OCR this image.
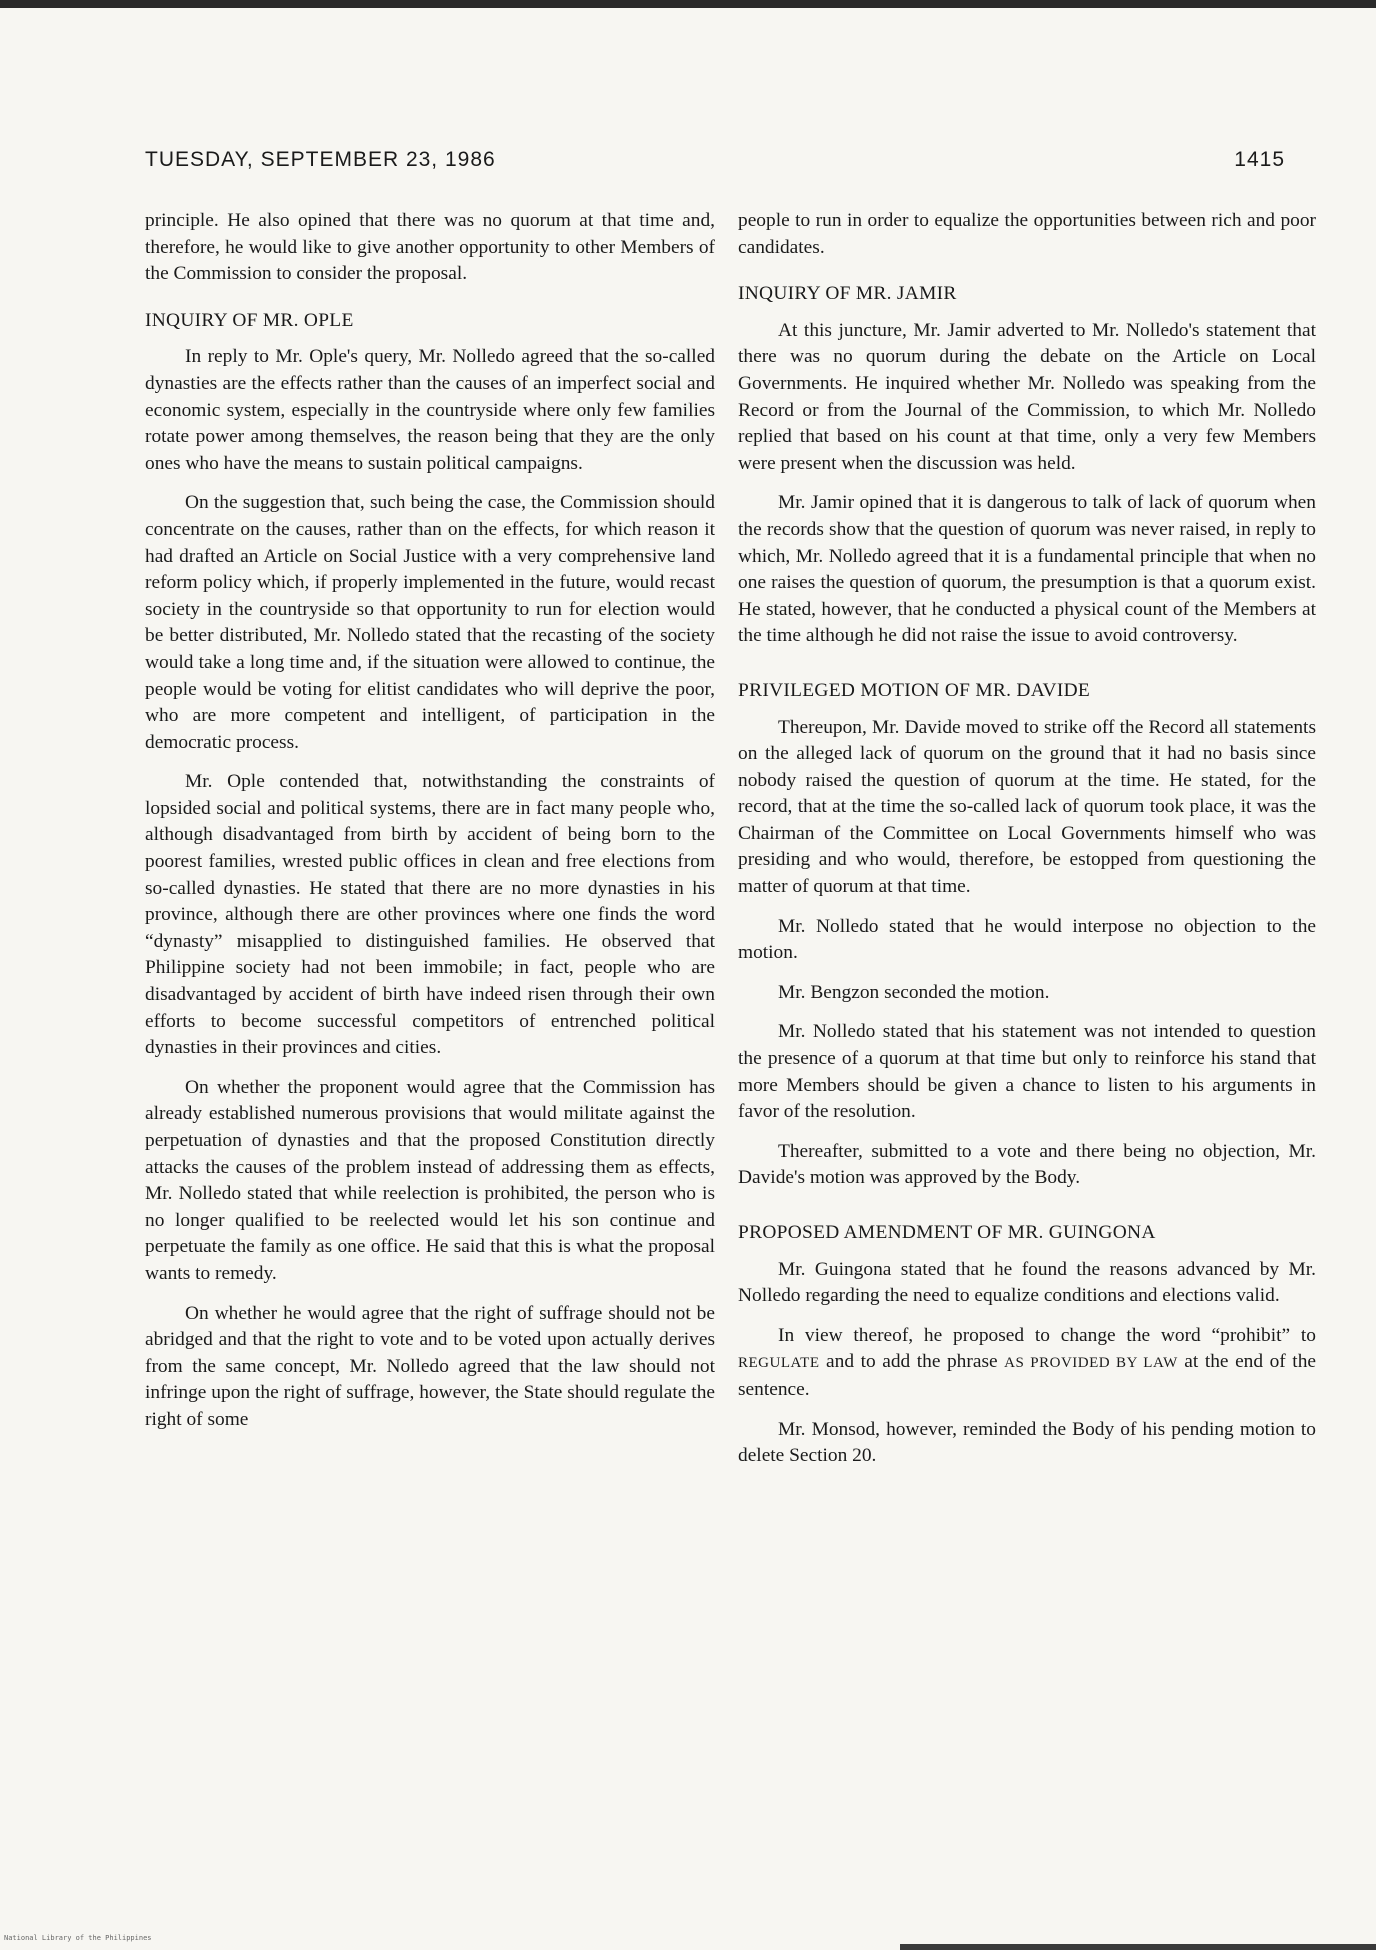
TUESDAY, SEPTEMBER 23, 1986	1415

principle. He also opined that there was no quorum at that time and, therefore, he would like to give another opportunity to other Members of the Commission to consider the proposal.

INQUIRY OF MR. OPLE

In reply to Mr. Ople's query, Mr. Nolledo agreed that the so-called dynasties are the effects rather than the causes of an imperfect social and economic system, especially in the countryside where only few families rotate power among themselves, the reason being that they are the only ones who have the means to sustain political campaigns.

On the suggestion that, such being the case, the Commission should concentrate on the causes, rather than on the effects, for which reason it had drafted an Article on Social Justice with a very comprehensive land reform policy which, if properly implemented in the future, would recast society in the countryside so that opportunity to run for election would be better distributed, Mr. Nolledo stated that the recasting of the society would take a long time and, if the situation were allowed to continue, the people would be voting for elitist candidates who will deprive the poor, who are more competent and intelligent, of participation in the democratic process.

Mr. Ople contended that, notwithstanding the constraints of lopsided social and political systems, there are in fact many people who, although disadvantaged from birth by accident of being born to the poorest families, wrested public offices in clean and free elections from so-called dynasties. He stated that there are no more dynasties in his province, although there are other provinces where one finds the word “dynasty” misapplied to distinguished families. He observed that Philippine society had not been immobile; in fact, people who are disadvantaged by accident of birth have indeed risen through their own efforts to become successful competitors of entrenched political dynasties in their provinces and cities.

On whether the proponent would agree that the Commission has already established numerous provisions that would militate against the perpetuation of dynasties and that the proposed Constitution directly attacks the causes of the problem instead of addressing them as effects, Mr. Nolledo stated that while reelection is prohibited, the person who is no longer qualified to be reelected would let his son continue and perpetuate the family as one office. He said that this is what the proposal wants to remedy.

On whether he would agree that the right of suffrage should not be abridged and that the right to vote and to be voted upon actually derives from the same concept, Mr. Nolledo agreed that the law should not infringe upon the right of suffrage, however, the State should regulate the right of some

people to run in order to equalize the opportunities between rich and poor candidates.

INQUIRY OF MR. JAMIR

At this juncture, Mr. Jamir adverted to Mr. Nolledo's statement that there was no quorum during the debate on the Article on Local Governments. He inquired whether Mr. Nolledo was speaking from the Record or from the Journal of the Commission, to which Mr. Nolledo replied that based on his count at that time, only a very few Members were present when the discussion was held.

Mr. Jamir opined that it is dangerous to talk of lack of quorum when the records show that the question of quorum was never raised, in reply to which, Mr. Nolledo agreed that it is a fundamental principle that when no one raises the question of quorum, the presumption is that a quorum exist. He stated, however, that he conducted a physical count of the Members at the time although he did not raise the issue to avoid controversy.

PRIVILEGED MOTION OF MR. DAVIDE

Thereupon, Mr. Davide moved to strike off the Record all statements on the alleged lack of quorum on the ground that it had no basis since nobody raised the question of quorum at the time. He stated, for the record, that at the time the so-called lack of quorum took place, it was the Chairman of the Committee on Local Governments himself who was presiding and who would, therefore, be estopped from questioning the matter of quorum at that time.

Mr. Nolledo stated that he would interpose no objection to the motion.

Mr. Bengzon seconded the motion.

Mr. Nolledo stated that his statement was not intended to question the presence of a quorum at that time but only to reinforce his stand that more Members should be given a chance to listen to his arguments in favor of the resolution.

Thereafter, submitted to a vote and there being no objection, Mr. Davide's motion was approved by the Body.

PROPOSED AMENDMENT OF MR. GUINGONA

Mr. Guingona stated that he found the reasons advanced by Mr. Nolledo regarding the need to equalize conditions and elections valid.

In view thereof, he proposed to change the word “prohibit” to REGULATE and to add the phrase AS PROVIDED BY LAW at the end of the sentence.

Mr. Monsod, however, reminded the Body of his pending motion to delete Section 20.

National Library of the Philippines
